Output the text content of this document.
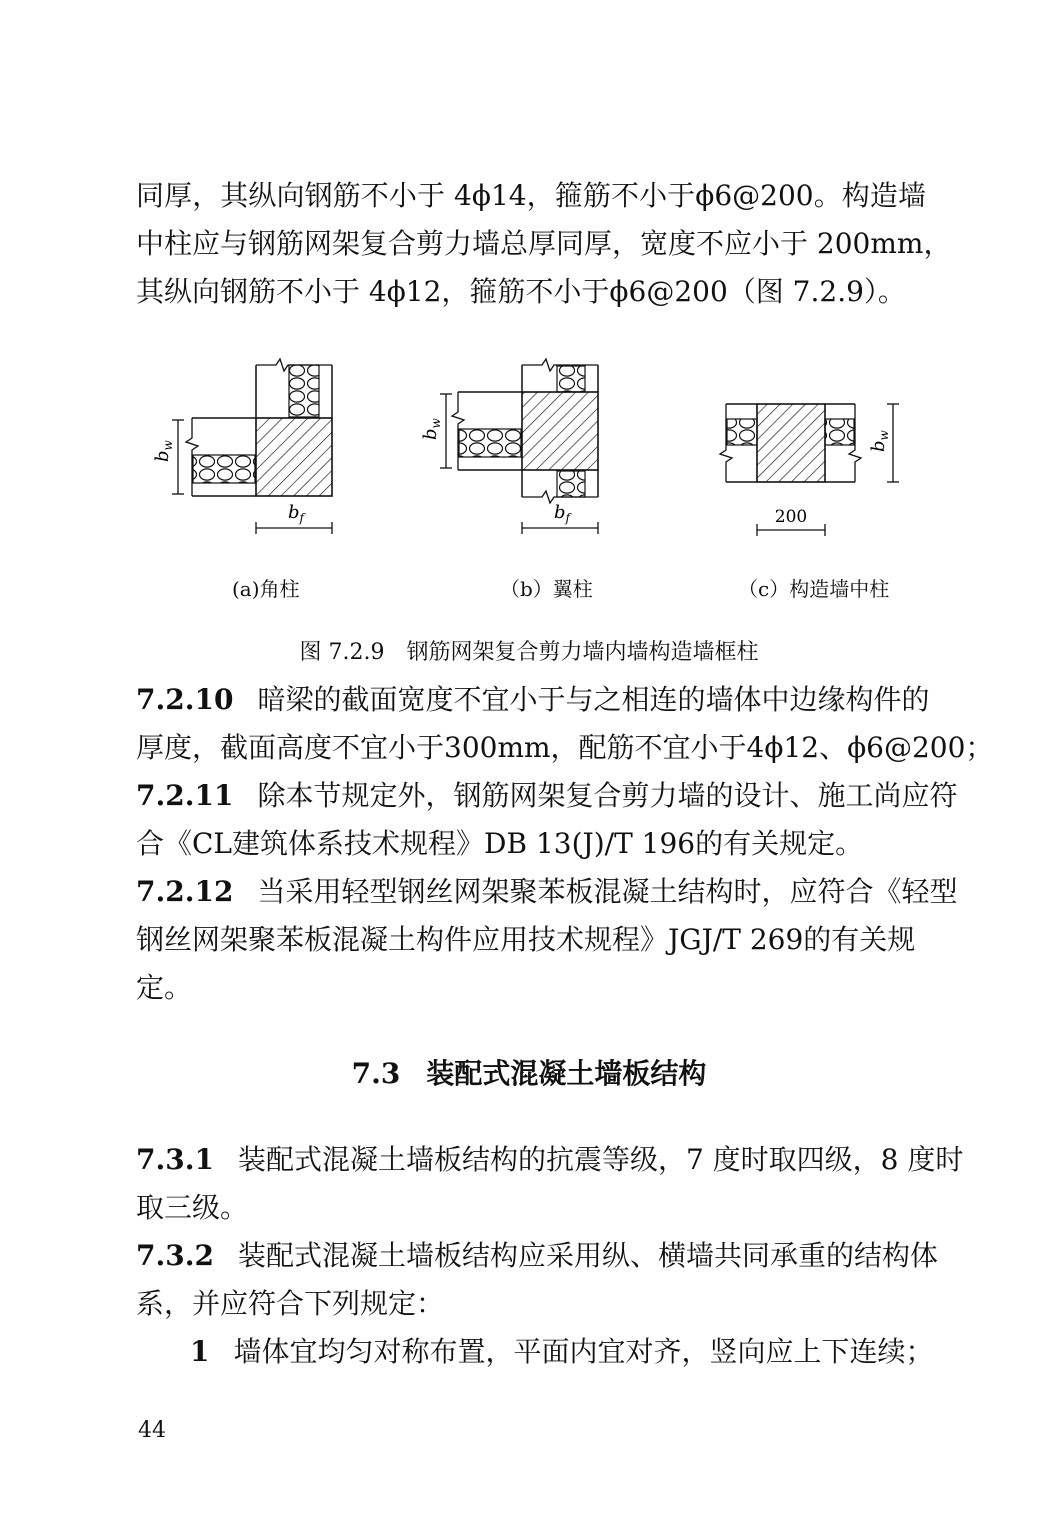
同厚，其纵向钢筋不小于 4ϕ14，箍筋不小于ϕ6@200。构造墙
中柱应与钢筋网架复合剪力墙总厚同厚，宽度不应小于 200mm，
其纵向钢筋不小于 4ϕ12，箍筋不小于ϕ6@200（图 7.2.9）。
$b_w$
$b_f$
$b_w$
$b_f$
$b_w$
200
(a)角柱	（b）翼柱	（c）构造墙中柱
图 7.2.9 钢筋网架复合剪力墙内墙构造墙框柱
7.2.10 暗梁的截面宽度不宜小于与之相连的墙体中边缘构件的
厚度，截面高度不宜小于300mm，配筋不宜小于4ϕ12、ϕ6@200；
7.2.11 除本节规定外，钢筋网架复合剪力墙的设计、施工尚应符
合《CL建筑体系技术规程》DB 13(J)/T 196的有关规定。
7.2.12 当采用轻型钢丝网架聚苯板混凝土结构时，应符合《轻型
钢丝网架聚苯板混凝土构件应用技术规程》JGJ/T 269的有关规
定。
7.3 装配式混凝土墙板结构
7.3.1 装配式混凝土墙板结构的抗震等级，7 度时取四级，8 度时
取三级。
7.3.2 装配式混凝土墙板结构应采用纵、横墙共同承重的结构体
系，并应符合下列规定：
1 墙体宜均匀对称布置，平面内宜对齐，竖向应上下连续；
44
